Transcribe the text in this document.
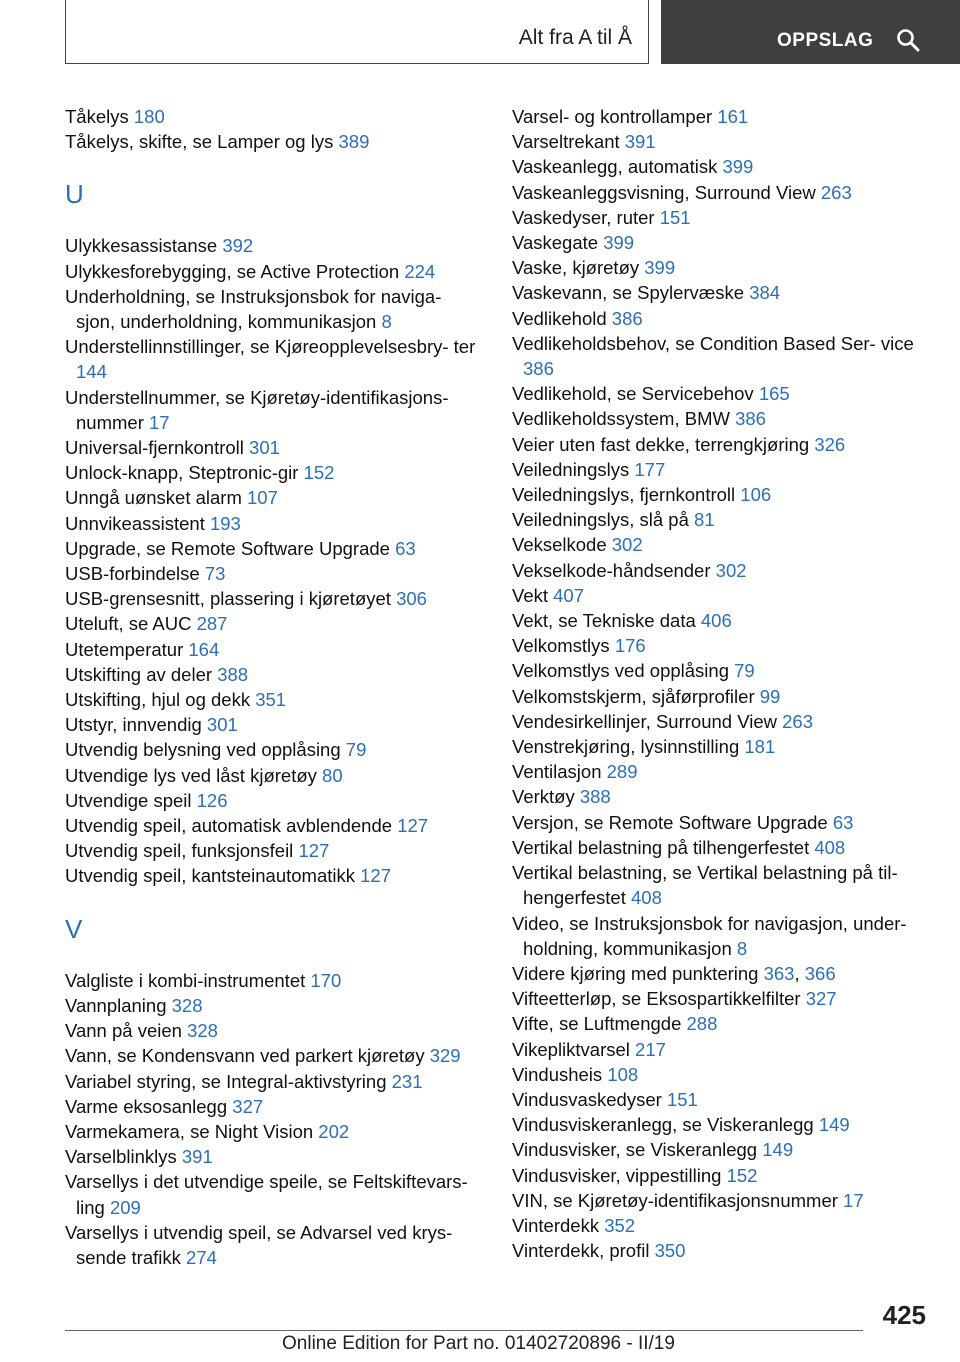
Alt fra A til Å	OPPSLAG
Tåkelys 180
Tåkelys, skifte, se Lamper og lys 389
U
Ulykkesassistanse 392
Ulykkesforebygging, se Active Protection 224
Underholdning, se Instruksjonsbok for naviga- sjon, underholdning, kommunikasjon 8
Understellinnstillinger, se Kjøreopplevelsesbry- ter 144
Understellnummer, se Kjøretøy-identifikasjons- nummer 17
Universal-fjernkontroll 301
Unlock-knapp, Steptronic-gir 152
Unngå uønsket alarm 107
Unnvikeassistent 193
Upgrade, se Remote Software Upgrade 63
USB-forbindelse 73
USB-grensesnitt, plassering i kjøretøyet 306
Uteluft, se AUC 287
Utetemperatur 164
Utskifting av deler 388
Utskifting, hjul og dekk 351
Utstyr, innvendig 301
Utvendig belysning ved opplåsing 79
Utvendige lys ved låst kjøretøy 80
Utvendige speil 126
Utvendig speil, automatisk avblendende 127
Utvendig speil, funksjonsfeil 127
Utvendig speil, kantsteinautomatikk 127
V
Valgliste i kombi-instrumentet 170
Vannplaning 328
Vann på veien 328
Vann, se Kondensvann ved parkert kjøretøy 329
Variabel styring, se Integral-aktivstyring 231
Varme eksosanlegg 327
Varmekamera, se Night Vision 202
Varselblinklys 391
Varsellys i det utvendige speile, se Feltskiftevars- ling 209
Varsellys i utvendig speil, se Advarsel ved krys- sende trafikk 274
Varsel- og kontrollamper 161
Varseltrekant 391
Vaskeanlegg, automatisk 399
Vaskeanleggsvisning, Surround View 263
Vaskedyser, ruter 151
Vaskegate 399
Vaske, kjøretøy 399
Vaskevann, se Spylervæske 384
Vedlikehold 386
Vedlikeholdsbehov, se Condition Based Ser- vice 386
Vedlikehold, se Servicebehov 165
Vedlikeholdssystem, BMW 386
Veier uten fast dekke, terrengkjøring 326
Veiledningslys 177
Veiledningslys, fjernkontroll 106
Veiledningslys, slå på 81
Vekselkode 302
Vekselkode-håndsender 302
Vekt 407
Vekt, se Tekniske data 406
Velkomstlys 176
Velkomstlys ved opplåsing 79
Velkomstskjerm, sjåførprofiler 99
Vendesirkellinjer, Surround View 263
Venstrekjøring, lysinnstilling 181
Ventilasjon 289
Verktøy 388
Versjon, se Remote Software Upgrade 63
Vertikal belastning på tilhengerfestet 408
Vertikal belastning, se Vertikal belastning på til- hengerfestet 408
Video, se Instruksjonsbok for navigasjon, under- holdning, kommunikasjon 8
Videre kjøring med punktering 363, 366
Vifteetterløp, se Eksospartikkelfilter 327
Vifte, se Luftmengde 288
Vikepliktvarsel 217
Vindusheis 108
Vindusvaskedyser 151
Vindusviskeranlegg, se Viskeranlegg 149
Vindusvisker, se Viskeranlegg 149
Vindusvisker, vippestilling 152
VIN, se Kjøretøy-identifikasjonsnummer 17
Vinterdekk 352
Vinterdekk, profil 350
425
Online Edition for Part no. 01402720896 - II/19
